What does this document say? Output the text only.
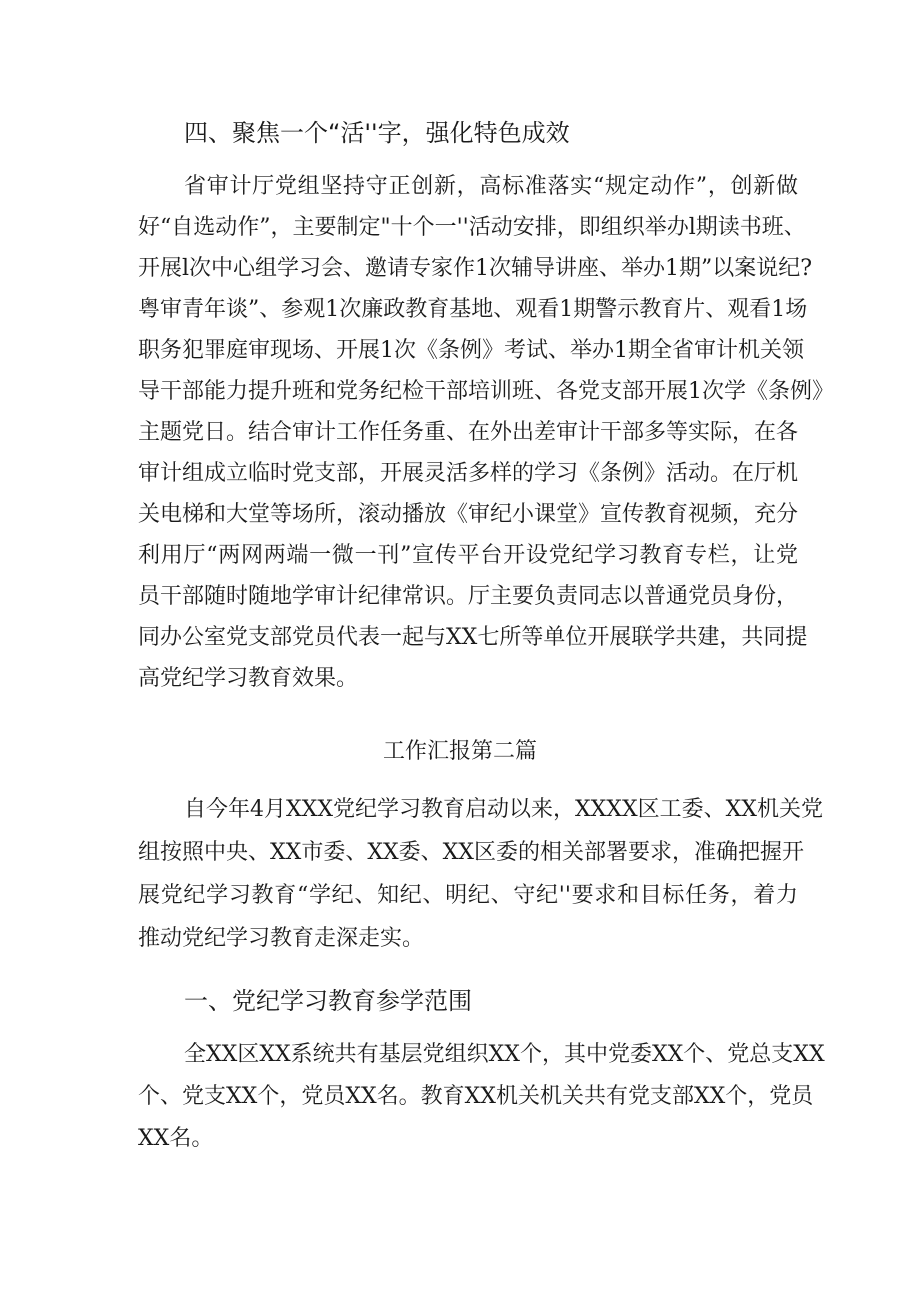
四、聚焦一个“活''字，强化特色成效
省审计厅党组坚持守正创新，高标准落实“规定动作”，创新做
好“自选动作”，主要制定"十个一''活动安排，即组织举办l期读书班、
开展l次中心组学习会、邀请专家作1次辅导讲座、举办1期”以案说纪?
粤审青年谈”、参观1次廉政教育基地、观看1期警示教育片、观看1场
职务犯罪庭审现场、开展1次《条例》考试、举办1期全省审计机关领
导干部能力提升班和党务纪检干部培训班、各党支部开展1次学《条例》
主题党日。结合审计工作任务重、在外出差审计干部多等实际，在各
审计组成立临时党支部，开展灵活多样的学习《条例》活动。在厅机
关电梯和大堂等场所，滚动播放《审纪小课堂》宣传教育视频，充分
利用厅“两网两端一微一刊”宣传平台开设党纪学习教育专栏，让党
员干部随时随地学审计纪律常识。厅主要负责同志以普通党员身份，
同办公室党支部党员代表一起与XX七所等单位开展联学共建，共同提
高党纪学习教育效果。
工作汇报第二篇
自今年4月XXX党纪学习教育启动以来，XXXX区工委、XX机关党
组按照中央、XX市委、XX委、XX区委的相关部署要求，准确把握开
展党纪学习教育“学纪、知纪、明纪、守纪''要求和目标任务，着力
推动党纪学习教育走深走实。
一、党纪学习教育参学范围
全XX区XX系统共有基层党组织XX个，其中党委XX个、党总支XX
个、党支XX个，党员XX名。教育XX机关机关共有党支部XX个，党员
XX名。
